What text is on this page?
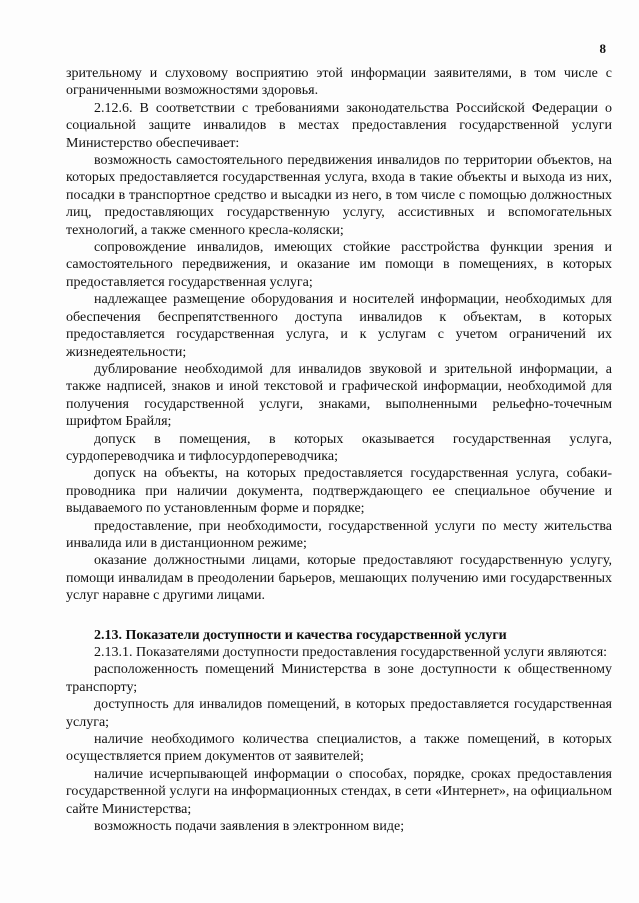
8

зрительному и слуховому восприятию этой информации заявителями, в том числе с ограниченными возможностями здоровья.

2.12.6. В соответствии с требованиями законодательства Российской Федерации о социальной защите инвалидов в местах предоставления государственной услуги Министерство обеспечивает:

возможность самостоятельного передвижения инвалидов по территории объектов, на которых предоставляется государственная услуга, входа в такие объекты и выхода из них, посадки в транспортное средство и высадки из него, в том числе с помощью должностных лиц, предоставляющих государственную услугу, ассистивных и вспомогательных технологий, а также сменного кресла-коляски;

сопровождение инвалидов, имеющих стойкие расстройства функции зрения и самостоятельного передвижения, и оказание им помощи в помещениях, в которых предоставляется государственная услуга;

надлежащее размещение оборудования и носителей информации, необходимых для обеспечения беспрепятственного доступа инвалидов к объектам, в которых предоставляется государственная услуга, и к услугам с учетом ограничений их жизнедеятельности;

дублирование необходимой для инвалидов звуковой и зрительной информации, а также надписей, знаков и иной текстовой и графической информации, необходимой для получения государственной услуги, знаками, выполненными рельефно-точечным шрифтом Брайля;

допуск в помещения, в которых оказывается государственная услуга, сурдопереводчика и тифлосурдопереводчика;

допуск на объекты, на которых предоставляется государственная услуга, собаки-проводника при наличии документа, подтверждающего ее специальное обучение и выдаваемого по установленным форме и порядке;

предоставление, при необходимости, государственной услуги по месту жительства инвалида или в дистанционном режиме;

оказание должностными лицами, которые предоставляют государственную услугу, помощи инвалидам в преодолении барьеров, мешающих получению ими государственных услуг наравне с другими лицами.

2.13. Показатели доступности и качества государственной услуги

2.13.1. Показателями доступности предоставления государственной услуги являются:

расположенность помещений Министерства в зоне доступности к общественному транспорту;

доступность для инвалидов помещений, в которых предоставляется государственная услуга;

наличие необходимого количества специалистов, а также помещений, в которых осуществляется прием документов от заявителей;

наличие исчерпывающей информации о способах, порядке, сроках предоставления государственной услуги на информационных стендах, в сети «Интернет», на официальном сайте Министерства;

возможность подачи заявления в электронном виде;
